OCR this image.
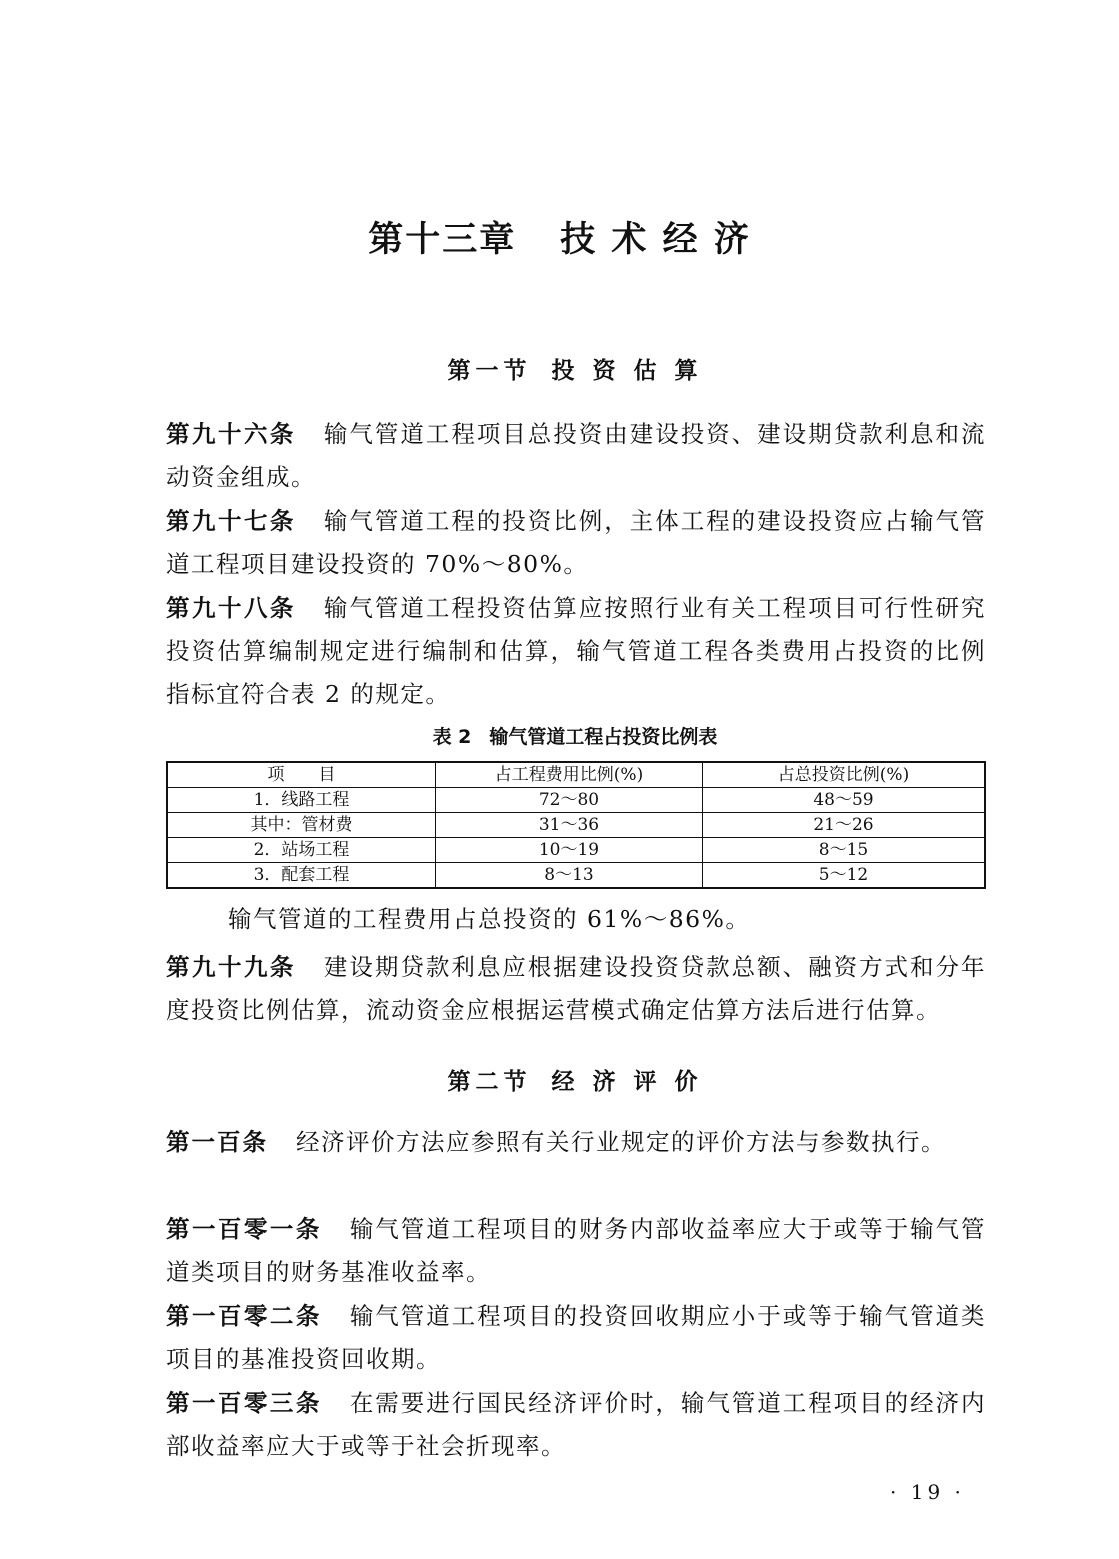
第十三章 技 术 经 济
第一节 投 资 估 算
第九十六条 输气管道工程项目总投资由建设投资、建设期贷款利息和流动资金组成。
第九十七条 输气管道工程的投资比例，主体工程的建设投资应占输气管道工程项目建设投资的 70%～80%。
第九十八条 输气管道工程投资估算应按照行业有关工程项目可行性研究投资估算编制规定进行编制和估算，输气管道工程各类费用占投资的比例指标宜符合表 2 的规定。
表 2 输气管道工程占投资比例表
项　　目	占工程费用比例(%)	占总投资比例(%)
1．线路工程	72～80	48～59
其中：管材费	31～36	21～26
2．站场工程	10～19	8～15
3．配套工程	8～13	5～12
输气管道的工程费用占总投资的 61%～86%。
第九十九条 建设期贷款利息应根据建设投资贷款总额、融资方式和分年度投资比例估算，流动资金应根据运营模式确定估算方法后进行估算。
第二节 经 济 评 价
第一百条 经济评价方法应参照有关行业规定的评价方法与参数执行。
第一百零一条 输气管道工程项目的财务内部收益率应大于或等于输气管道类项目的财务基准收益率。
第一百零二条 输气管道工程项目的投资回收期应小于或等于输气管道类项目的基准投资回收期。
第一百零三条 在需要进行国民经济评价时，输气管道工程项目的经济内部收益率应大于或等于社会折现率。
· 19 ·
